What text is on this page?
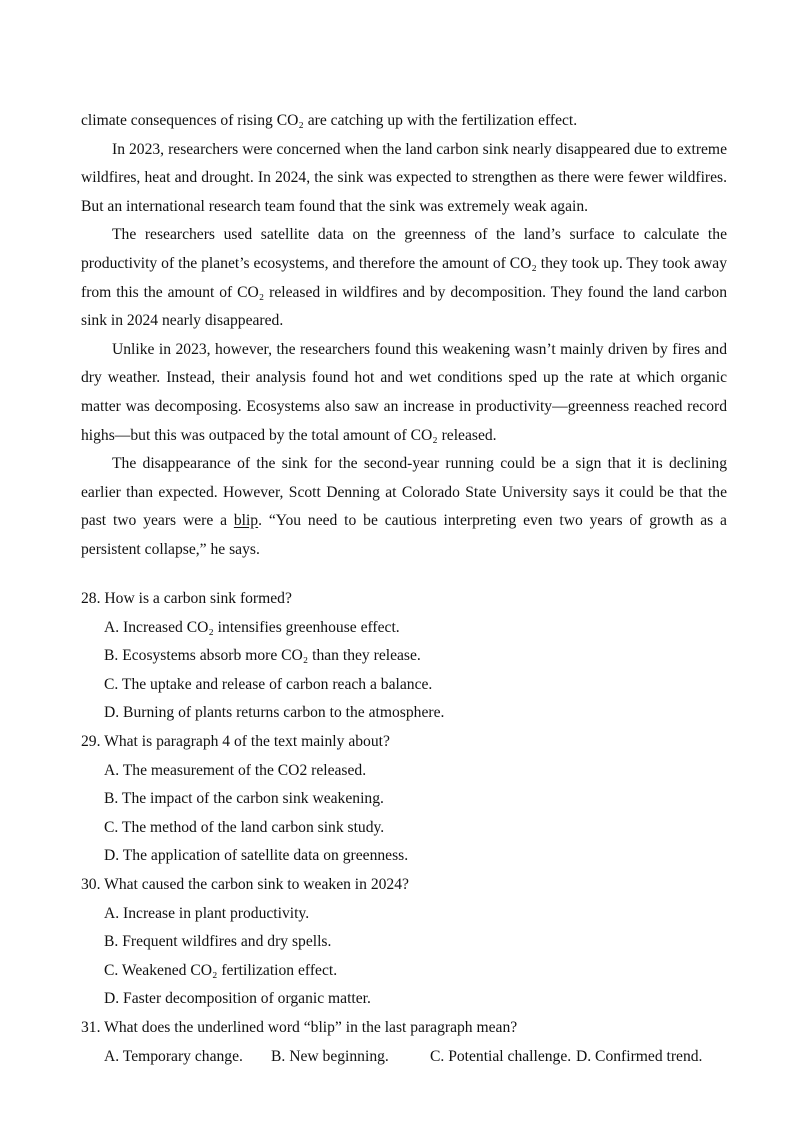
climate consequences of rising CO₂ are catching up with the fertilization effect.

In 2023, researchers were concerned when the land carbon sink nearly disappeared due to extreme wildfires, heat and drought. In 2024, the sink was expected to strengthen as there were fewer wildfires. But an international research team found that the sink was extremely weak again.

The researchers used satellite data on the greenness of the land’s surface to calculate the productivity of the planet’s ecosystems, and therefore the amount of CO₂ they took up. They took away from this the amount of CO₂ released in wildfires and by decomposition. They found the land carbon sink in 2024 nearly disappeared.

Unlike in 2023, however, the researchers found this weakening wasn’t mainly driven by fires and dry weather. Instead, their analysis found hot and wet conditions sped up the rate at which organic matter was decomposing. Ecosystems also saw an increase in productivity—greenness reached record highs—but this was outpaced by the total amount of CO₂ released.

The disappearance of the sink for the second-year running could be a sign that it is declining earlier than expected. However, Scott Denning at Colorado State University says it could be that the past two years were a blip. “You need to be cautious interpreting even two years of growth as a persistent collapse,” he says.

28. How is a carbon sink formed?

A. Increased CO₂ intensifies greenhouse effect.

B. Ecosystems absorb more CO₂ than they release.

C. The uptake and release of carbon reach a balance.

D. Burning of plants returns carbon to the atmosphere.

29. What is paragraph 4 of the text mainly about?

A. The measurement of the CO2 released.

B. The impact of the carbon sink weakening.

C. The method of the land carbon sink study.

D. The application of satellite data on greenness.

30. What caused the carbon sink to weaken in 2024?

A. Increase in plant productivity.

B. Frequent wildfires and dry spells.

C. Weakened CO₂ fertilization effect.

D. Faster decomposition of organic matter.

31. What does the underlined word “blip” in the last paragraph mean?

A. Temporary change.	B. New beginning.	C. Potential challenge. D. Confirmed trend.
